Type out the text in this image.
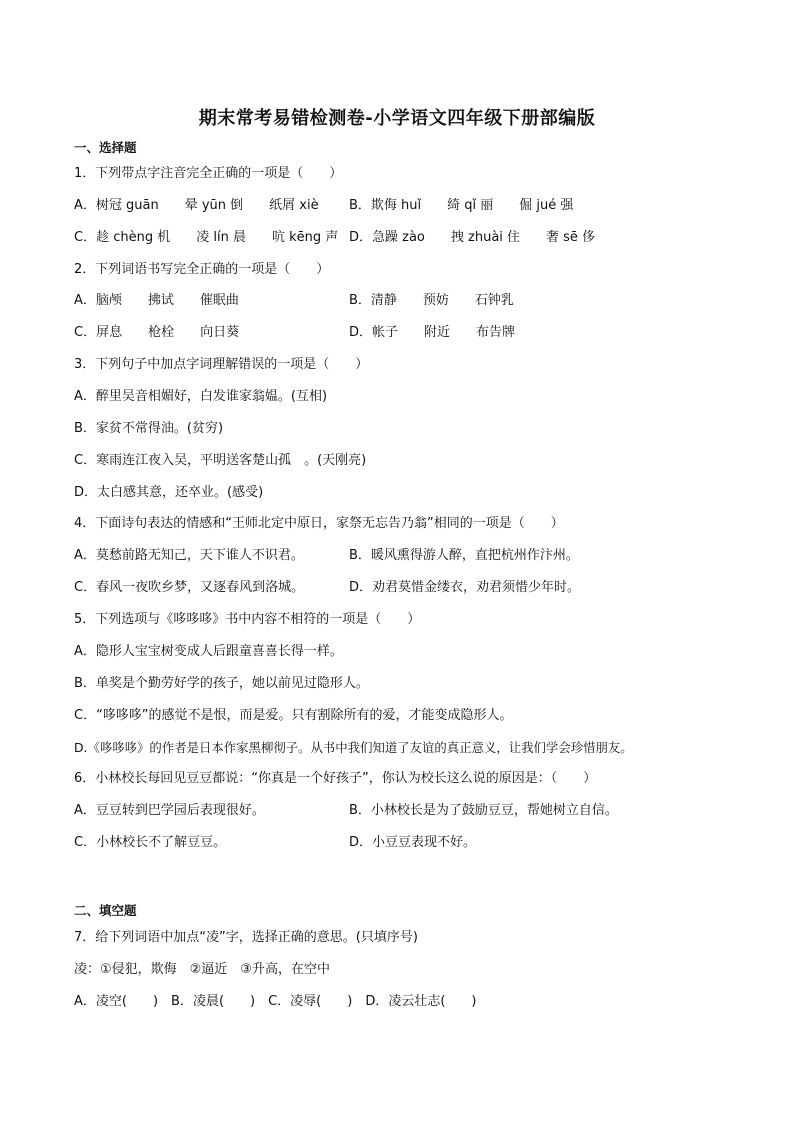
期末常考易错检测卷-小学语文四年级下册部编版
一、选择题
1．下列带点字注音完全正确的一项是（　　）
A．树冠 guān　　晕 yūn 倒　　纸屑 xiè B．欺侮 huǐ　　绮 qǐ 丽　　倔 jué 强
C．趁 chèng 机　　凌 lín 晨　　吭 kēng 声 D．急躁 zào　　拽 zhuài 住　　奢 sē 侈
2．下列词语书写完全正确的一项是（　　）
A．脑颅　　拂试　　催眠曲	B．清静　　预妨　　石钟乳
C．屏息　　枪栓　　向日葵	D．帐子　　附近　　布告牌
3．下列句子中加点字词理解错误的一项是（　　）
A．醉里吴音相媚好，白发谁家翁媪。(互相)
B．家贫不常得油。(贫穷)
C．寒雨连江夜入吴，平明送客楚山孤　。(天刚亮)
D．太白感其意，还卒业。(感受)
4．下面诗句表达的情感和“王师北定中原日，家祭无忘告乃翁”相同的一项是（　　）
A．莫愁前路无知己，天下谁人不识君。	B．暖风熏得游人醉，直把杭州作汴州。
C．春风一夜吹乡梦，又逐春风到洛城。	D．劝君莫惜金缕衣，劝君须惜少年时。
5．下列选项与《哆哆哆》书中内容不相符的一项是（　　）
A．隐形人宝宝树变成人后跟童喜喜长得一样。
B．单奖是个勤劳好学的孩子，她以前见过隐形人。
C．“哆哆哆”的感觉不是恨，而是爱。只有割除所有的爱，才能变成隐形人。
D.《哆哆哆》的作者是日本作家黑柳彻子。从书中我们知道了友谊的真正意义，让我们学会珍惜朋友。
6．小林校长每回见豆豆都说：“你真是一个好孩子”，你认为校长这么说的原因是：（　　）
A．豆豆转到巴学园后表现很好。	B．小林校长是为了鼓励豆豆，帮她树立自信。
C．小林校长不了解豆豆。	D．小豆豆表现不好。
二、填空题
7．给下列词语中加点“凌”字，选择正确的意思。(只填序号)
凌：①侵犯，欺侮　②逼近　③升高，在空中
A．凌空(　　)　B．凌晨(　　)　C．凌辱(　　)　D．凌云壮志(　　)
